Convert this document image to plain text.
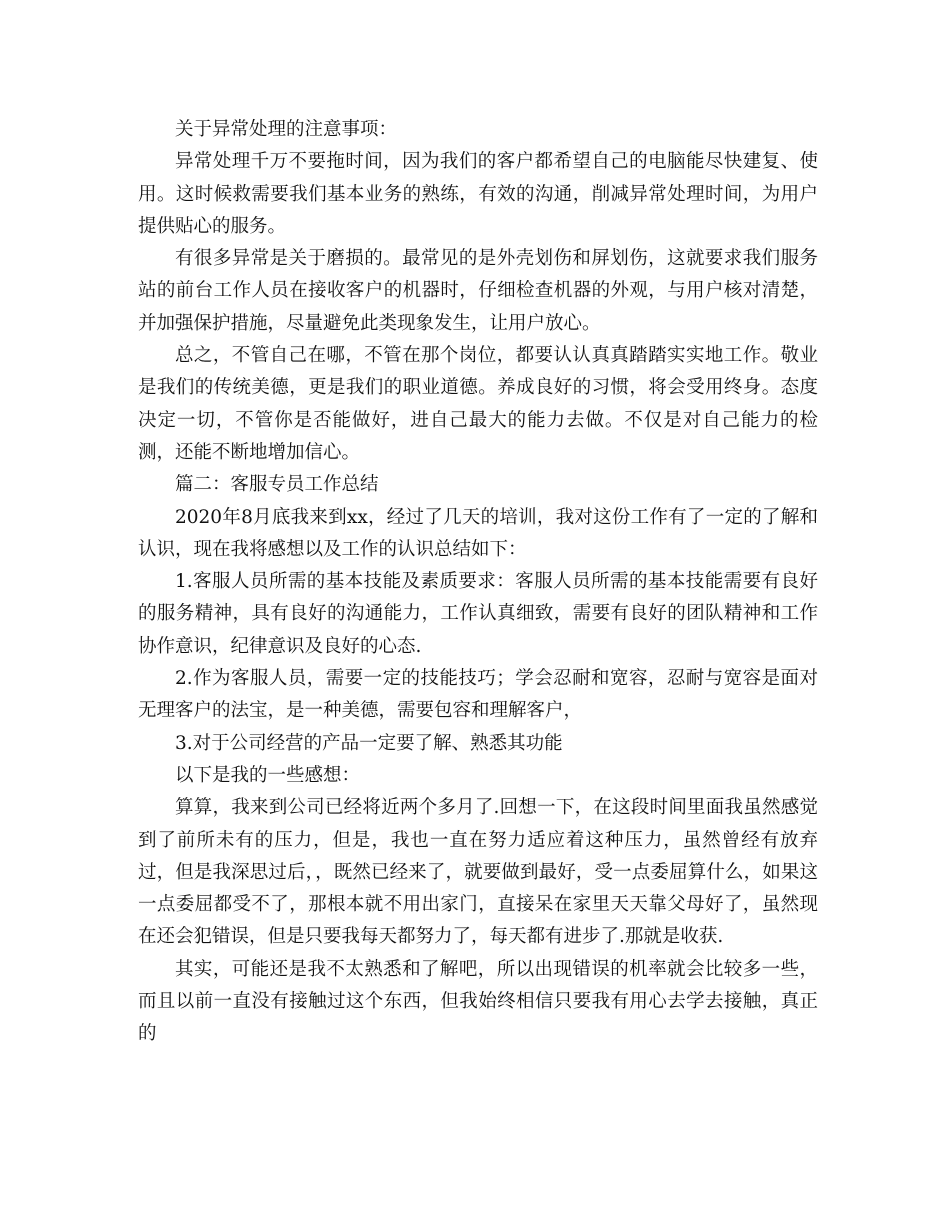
关于异常处理的注意事项：

异常处理千万不要拖时间，因为我们的客户都希望自己的电脑能尽快建复、使用。这时候救需要我们基本业务的熟练，有效的沟通，削减异常处理时间，为用户提供贴心的服务。

有很多异常是关于磨损的。最常见的是外壳划伤和屏划伤，这就要求我们服务站的前台工作人员在接收客户的机器时，仔细检查机器的外观，与用户核对清楚，并加强保护措施，尽量避免此类现象发生，让用户放心。

总之，不管自己在哪，不管在那个岗位，都要认认真真踏踏实实地工作。敬业是我们的传统美德，更是我们的职业道德。养成良好的习惯，将会受用终身。态度决定一切，不管你是否能做好，进自己最大的能力去做。不仅是对自己能力的检测，还能不断地增加信心。

篇二：客服专员工作总结

2020年8月底我来到xx，经过了几天的培训，我对这份工作有了一定的了解和认识，现在我将感想以及工作的认识总结如下：

1.客服人员所需的基本技能及素质要求：客服人员所需的基本技能需要有良好的服务精神，具有良好的沟通能力，工作认真细致，需要有良好的团队精神和工作协作意识，纪律意识及良好的心态.

2.作为客服人员，需要一定的技能技巧；学会忍耐和宽容，忍耐与宽容是面对无理客户的法宝，是一种美德，需要包容和理解客户，

3.对于公司经营的产品一定要了解、熟悉其功能

以下是我的一些感想：

算算，我来到公司已经将近两个多月了.回想一下，在这段时间里面我虽然感觉到了前所未有的压力，但是，我也一直在努力适应着这种压力，虽然曾经有放弃过，但是我深思过后，，既然已经来了，就要做到最好，受一点委屈算什么，如果这一点委屈都受不了，那根本就不用出家门，直接呆在家里天天靠父母好了，虽然现在还会犯错误，但是只要我每天都努力了，每天都有进步了.那就是收获.

其实，可能还是我不太熟悉和了解吧，所以出现错误的机率就会比较多一些，而且以前一直没有接触过这个东西，但我始终相信只要我有用心去学去接触，真正的
